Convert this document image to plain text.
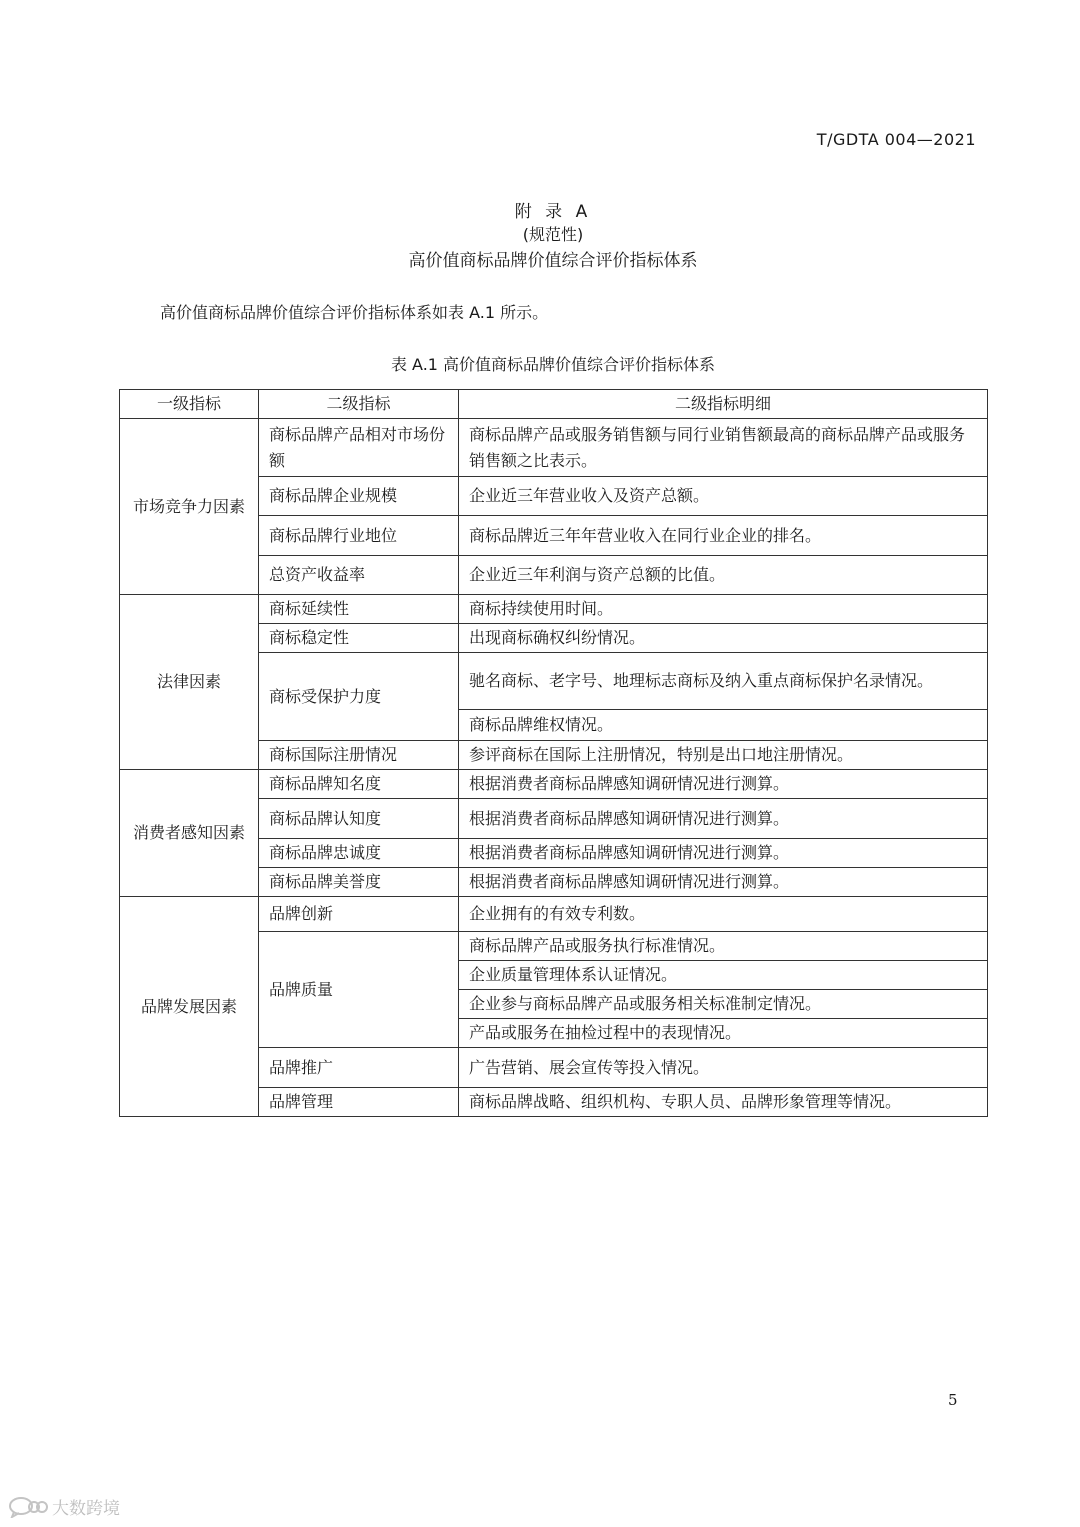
T/GDTA 004—2021
附 录 A
(规范性)
高价值商标品牌价值综合评价指标体系
高价值商标品牌价值综合评价指标体系如表 A.1 所示。
表 A.1 高价值商标品牌价值综合评价指标体系
一级指标	二级指标	二级指标明细
市场竞争力因素	商标品牌产品相对市场份额	商标品牌产品或服务销售额与同行业销售额最高的商标品牌产品或服务销售额之比表示。
	商标品牌企业规模	企业近三年营业收入及资产总额。
	商标品牌行业地位	商标品牌近三年年营业收入在同行业企业的排名。
	总资产收益率	企业近三年利润与资产总额的比值。
法律因素	商标延续性	商标持续使用时间。
	商标稳定性	出现商标确权纠纷情况。
	商标受保护力度	驰名商标、老字号、地理标志商标及纳入重点商标保护名录情况。
		商标品牌维权情况。
	商标国际注册情况	参评商标在国际上注册情况，特别是出口地注册情况。
消费者感知因素	商标品牌知名度	根据消费者商标品牌感知调研情况进行测算。
	商标品牌认知度	根据消费者商标品牌感知调研情况进行测算。
	商标品牌忠诚度	根据消费者商标品牌感知调研情况进行测算。
	商标品牌美誉度	根据消费者商标品牌感知调研情况进行测算。
品牌发展因素	品牌创新	企业拥有的有效专利数。
	品牌质量	商标品牌产品或服务执行标准情况。
		企业质量管理体系认证情况。
		企业参与商标品牌产品或服务相关标准制定情况。
		产品或服务在抽检过程中的表现情况。
	品牌推广	广告营销、展会宣传等投入情况。
	品牌管理	商标品牌战略、组织机构、专职人员、品牌形象管理等情况。
5
大数跨境
